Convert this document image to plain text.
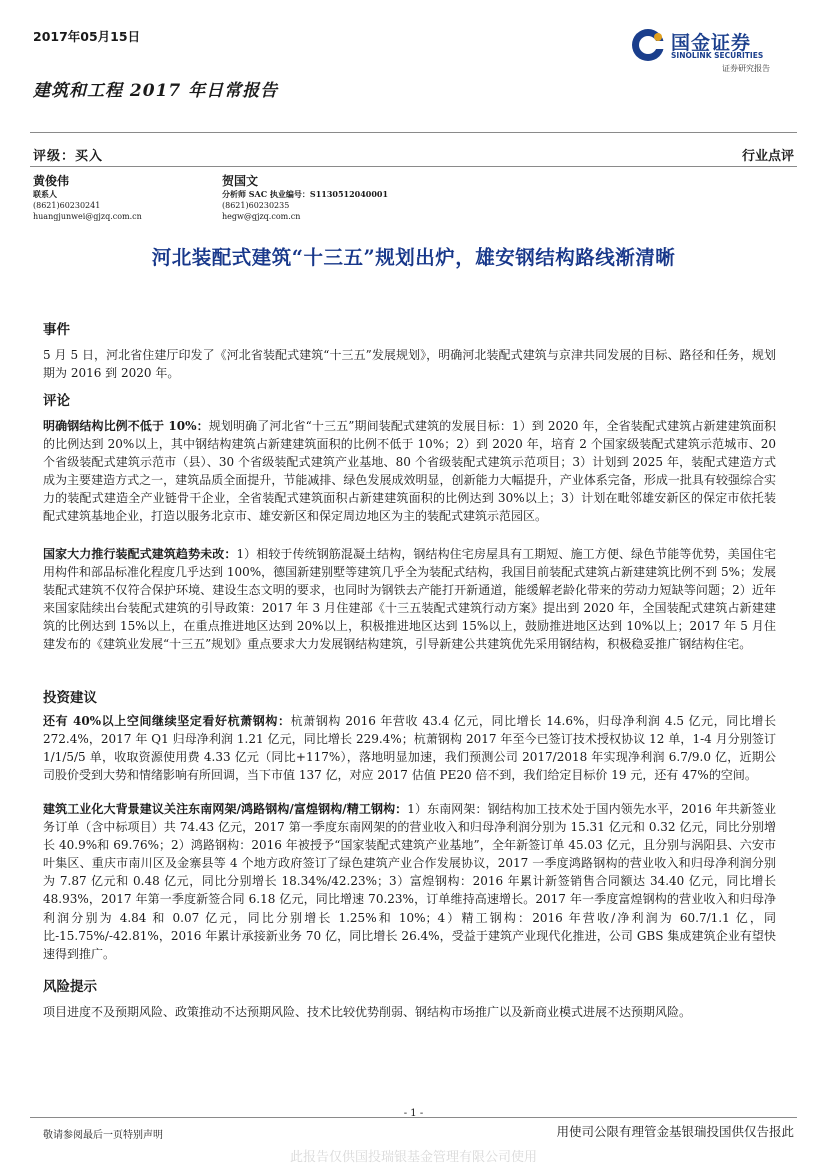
2017年05月15日
建筑和工程 2017 年日常报告
国金证券
SINOLINK SECURITIES
证券研究报告
评级：买入	行业点评
黄俊伟
联系人
(8621)60230241
huangjunwei@gjzq.com.cn
贺国文
分析师 SAC 执业编号：S1130512040001
(8621)60230235
hegw@gjzq.com.cn
河北装配式建筑“十三五”规划出炉，雄安钢结构路线渐清晰
事件
5 月 5 日，河北省住建厅印发了《河北省装配式建筑“十三五”发展规划》，明确河北装配式建筑与京津共同发展的目标、路径和任务，规划期为 2016 到 2020 年。
评论
明确钢结构比例不低于 10%：规划明确了河北省“十三五”期间装配式建筑的发展目标：1）到 2020 年，全省装配式建筑占新建建筑面积的比例达到 20%以上，其中钢结构建筑占新建建筑面积的比例不低于 10%；2）到 2020 年，培育 2 个国家级装配式建筑示范城市、20 个省级装配式建筑示范市（县）、30 个省级装配式建筑产业基地、80 个省级装配式建筑示范项目；3）计划到 2025 年，装配式建造方式成为主要建造方式之一，建筑品质全面提升，节能减排、绿色发展成效明显，创新能力大幅提升，产业体系完备，形成一批具有较强综合实力的装配式建造全产业链骨干企业，全省装配式建筑面积占新建建筑面积的比例达到 30%以上；3）计划在毗邻雄安新区的保定市依托装配式建筑基地企业，打造以服务北京市、雄安新区和保定周边地区为主的装配式建筑示范园区。
国家大力推行装配式建筑趋势未改：1）相较于传统钢筋混凝土结构，钢结构住宅房屋具有工期短、施工方便、绿色节能等优势，美国住宅用构件和部品标准化程度几乎达到 100%，德国新建别墅等建筑几乎全为装配式结构，我国目前装配式建筑占新建建筑比例不到 5%；发展装配式建筑不仅符合保护环境、建设生态文明的要求，也同时为钢铁去产能打开新通道，能缓解老龄化带来的劳动力短缺等问题；2）近年来国家陆续出台装配式建筑的引导政策：2017 年 3 月住建部《十三五装配式建筑行动方案》提出到 2020 年，全国装配式建筑占新建建筑的比例达到 15%以上，在重点推进地区达到 20%以上，积极推进地区达到 15%以上，鼓励推进地区达到 10%以上；2017 年 5 月住建发布的《建筑业发展“十三五”规划》重点要求大力发展钢结构建筑，引导新建公共建筑优先采用钢结构，积极稳妥推广钢结构住宅。
投资建议
还有 40%以上空间继续坚定看好杭萧钢构：杭萧钢构 2016 年营收 43.4 亿元，同比增长 14.6%，归母净利润 4.5 亿元，同比增长 272.4%，2017 年 Q1 归母净利润 1.21 亿元，同比增长 229.4%；杭萧钢构 2017 年至今已签订技术授权协议 12 单，1-4 月分别签订 1/1/5/5 单，收取资源使用费 4.33 亿元（同比+117%），落地明显加速，我们预测公司 2017/2018 年实现净利润 6.7/9.0 亿，近期公司股价受到大势和情绪影响有所回调，当下市值 137 亿，对应 2017 估值 PE20 倍不到，我们给定目标价 19 元，还有 47%的空间。
建筑工业化大背景建议关注东南网架/鸿路钢构/富煌钢构/精工钢构：1）东南网架：钢结构加工技术处于国内领先水平，2016 年共新签业务订单（含中标项目）共 74.43 亿元，2017 第一季度东南网架的的营业收入和归母净利润分别为 15.31 亿元和 0.32 亿元，同比分别增长 40.9%和 69.76%；2）鸿路钢构：2016 年被授予“国家装配式建筑产业基地”，全年新签订单 45.03 亿元，且分别与涡阳县、六安市叶集区、重庆市南川区及金寨县等 4 个地方政府签订了绿色建筑产业合作发展协议，2017 一季度鸿路钢构的营业收入和归母净利润分别为 7.87 亿元和 0.48 亿元，同比分别增长 18.34%/42.23%；3）富煌钢构：2016 年累计新签销售合同额达 34.40 亿元，同比增长 48.93%，2017 年第一季度新签合同 6.18 亿元，同比增速 70.23%，订单维持高速增长。2017 年一季度富煌钢构的营业收入和归母净利润分别为 4.84 和 0.07 亿元，同比分别增长 1.25%和 10%；4）精工钢构：2016 年营收/净利润为 60.7/1.1 亿，同比-15.75%/-42.81%，2016 年累计承接新业务 70 亿，同比增长 26.4%，受益于建筑产业现代化推进，公司 GBS 集成建筑企业有望快速得到推广。
风险提示
项目进度不及预期风险、政策推动不达预期风险、技术比较优势削弱、钢结构市场推广以及新商业模式进展不达预期风险。
- 1 -
敬请参阅最后一页特别声明	用使司公限有理管金基银瑞投国供仅告报此
此报告仅供国投瑞银基金管理有限公司使用
